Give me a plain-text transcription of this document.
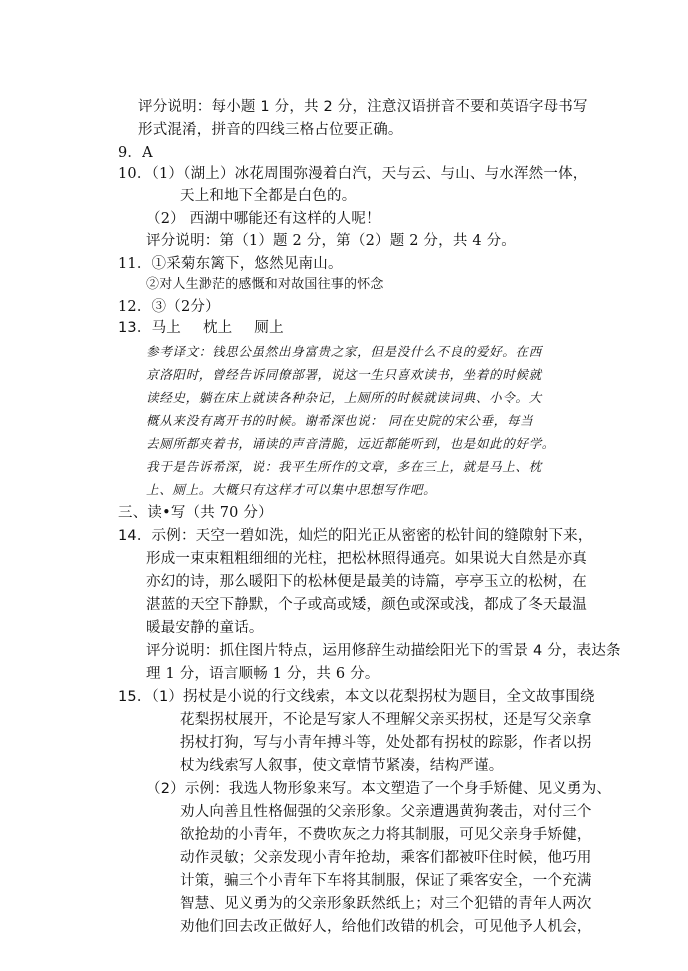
评分说明：每小题 1 分，共 2 分，注意汉语拼音不要和英语字母书写
形式混淆，拼音的四线三格占位要正确。
9．A
10．（1）（湖上）冰花周围弥漫着白汽，天与云、与山、与水浑然一体，
天上和地下全都是白色的。
（2） 西湖中哪能还有这样的人呢！
评分说明：第（1）题 2 分，第（2）题 2 分，共 4 分。
11．①采菊东篱下，悠然见南山。
②对人生渺茫的感慨和对故国往事的怀念
12．③（2分）
13．马上 枕上 厕上
参考译文：钱思公虽然出身富贵之家，但是没什么不良的爱好。在西
京洛阳时，曾经告诉同僚部署，说这一生只喜欢读书，坐着的时候就
读经史，躺在床上就读各种杂记，上厕所的时候就读词典、小令。大
概从来没有离开书的时候。谢希深也说： 同在史院的宋公垂，每当
去厕所都夹着书，诵读的声音清脆，远近都能听到，也是如此的好学。
我于是告诉希深，说：我平生所作的文章，多在三上，就是马上、枕
上、厕上。大概只有这样才可以集中思想写作吧。
三、读•写（共 70 分）
14．示例：天空一碧如洗，灿烂的阳光正从密密的松针间的缝隙射下来，
形成一束束粗粗细细的光柱，把松林照得通亮。如果说大自然是亦真
亦幻的诗，那么暖阳下的松林便是最美的诗篇，亭亭玉立的松树，在
湛蓝的天空下静默，个子或高或矮，颜色或深或浅，都成了冬天最温
暖最安静的童话。
评分说明：抓住图片特点，运用修辞生动描绘阳光下的雪景 4 分，表达条
理 1 分，语言顺畅 1 分，共 6 分。
15．（1）拐杖是小说的行文线索，本文以花梨拐杖为题目，全文故事围绕
花梨拐杖展开，不论是写家人不理解父亲买拐杖，还是写父亲拿
拐杖打狗，写与小青年搏斗等，处处都有拐杖的踪影，作者以拐
杖为线索写人叙事，使文章情节紧凑，结构严谨。
（2）示例：我选人物形象来写。本文塑造了一个身手矫健、见义勇为、
劝人向善且性格倔强的父亲形象。父亲遭遇黄狗袭击，对付三个
欲抢劫的小青年，不费吹灰之力将其制服，可见父亲身手矫健，
动作灵敏；父亲发现小青年抢劫，乘客们都被吓住时候，他巧用
计策，骗三个小青年下车将其制服，保证了乘客安全，一个充满
智慧、见义勇为的父亲形象跃然纸上；对三个犯错的青年人两次
劝他们回去改正做好人，给他们改错的机会，可见他予人机会，
